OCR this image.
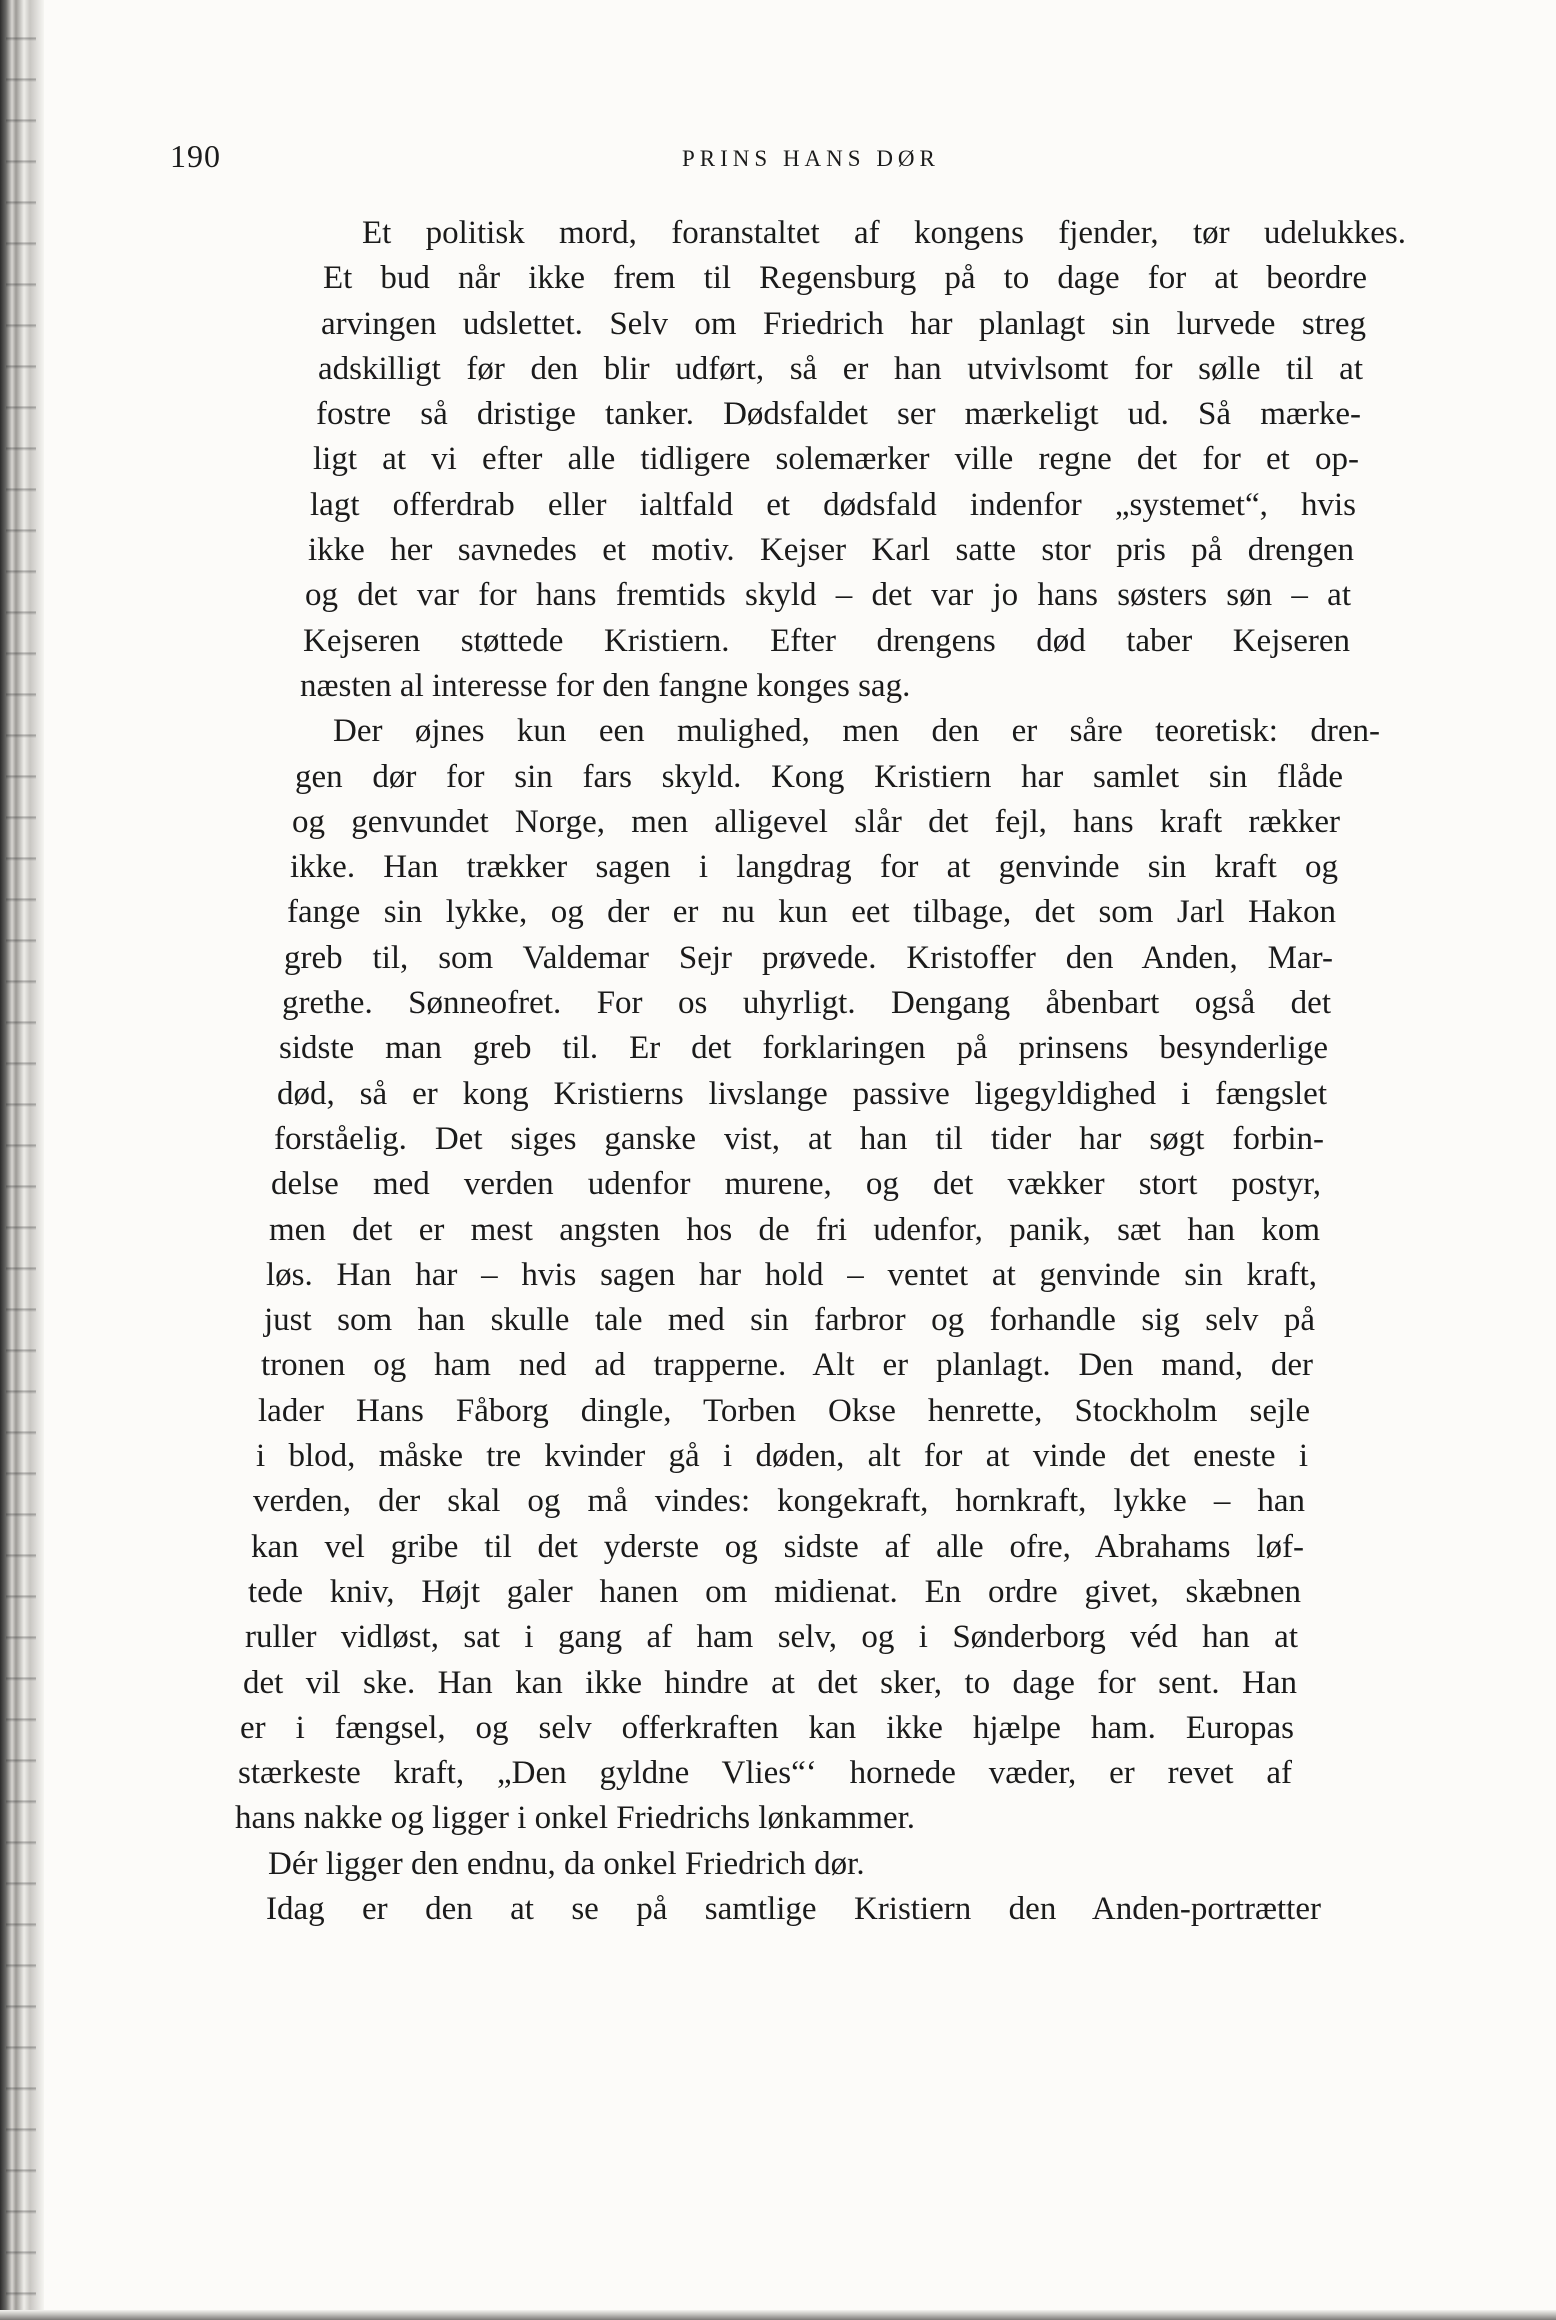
190	PRINS HANS DØR
Et politisk mord, foranstaltet af kongens fjender, tør udelukkes.
Et bud når ikke frem til Regensburg på to dage for at beordre
arvingen udslettet. Selv om Friedrich har planlagt sin lurvede streg
adskilligt før den blir udført, så er han utvivlsomt for sølle til at
fostre så dristige tanker. Dødsfaldet ser mærkeligt ud. Så mærke-
ligt at vi efter alle tidligere solemærker ville regne det for et op-
lagt offerdrab eller ialtfald et dødsfald indenfor „systemet“, hvis
ikke her savnedes et motiv. Kejser Karl satte stor pris på drengen
og det var for hans fremtids skyld – det var jo hans søsters søn – at
Kejseren støttede Kristiern. Efter drengens død taber Kejseren
næsten al interesse for den fangne konges sag.
Der øjnes kun een mulighed, men den er såre teoretisk: dren-
gen dør for sin fars skyld. Kong Kristiern har samlet sin flåde
og genvundet Norge, men alligevel slår det fejl, hans kraft rækker
ikke. Han trækker sagen i langdrag for at genvinde sin kraft og
fange sin lykke, og der er nu kun eet tilbage, det som Jarl Hakon
greb til, som Valdemar Sejr prøvede. Kristoffer den Anden, Mar-
grethe. Sønneofret. For os uhyrligt. Dengang åbenbart også det
sidste man greb til. Er det forklaringen på prinsens besynderlige
død, så er kong Kristierns livslange passive ligegyldighed i fængslet
forståelig. Det siges ganske vist, at han til tider har søgt forbin-
delse med verden udenfor murene, og det vækker stort postyr,
men det er mest angsten hos de fri udenfor, panik, sæt han kom
løs. Han har – hvis sagen har hold – ventet at genvinde sin kraft,
just som han skulle tale med sin farbror og forhandle sig selv på
tronen og ham ned ad trapperne. Alt er planlagt. Den mand, der
lader Hans Fåborg dingle, Torben Okse henrette, Stockholm sejle
i blod, måske tre kvinder gå i døden, alt for at vinde det eneste i
verden, der skal og må vindes: kongekraft, hornkraft, lykke – han
kan vel gribe til det yderste og sidste af alle ofre, Abrahams løf-
tede kniv, Højt galer hanen om midienat. En ordre givet, skæbnen
ruller vidløst, sat i gang af ham selv, og i Sønderborg véd han at
det vil ske. Han kan ikke hindre at det sker, to dage for sent. Han
er i fængsel, og selv offerkraften kan ikke hjælpe ham. Europas
stærkeste kraft, „Den gyldne Vlies“‘ hornede væder, er revet af
hans nakke og ligger i onkel Friedrichs lønkammer.
Dér ligger den endnu, da onkel Friedrich dør.
Idag er den at se på samtlige Kristiern den Anden-portrætter
